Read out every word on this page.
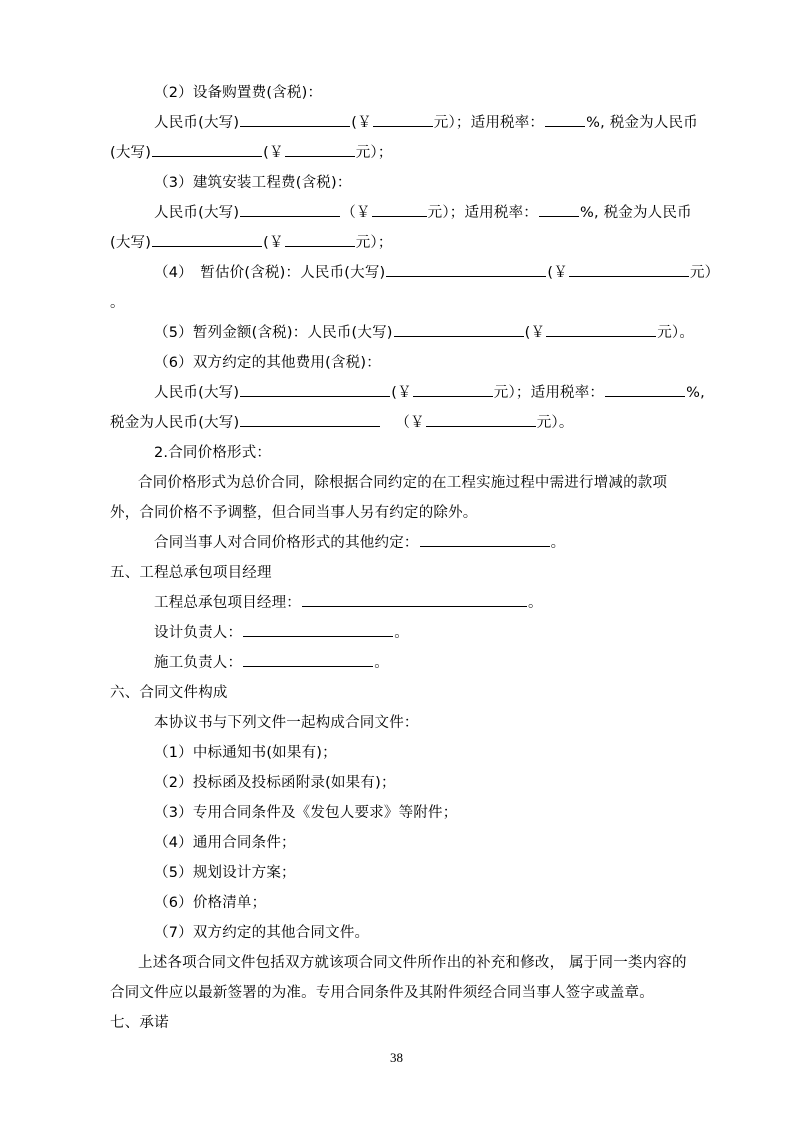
（2）设备购置费(含税)：
人民币(大写)	(￥	元）；适用税率：	%, 税金为人民币
(大写)	(￥	元）；
（3）建筑安装工程费(含税)：
人民币(大写)	（￥	元）；适用税率：	%, 税金为人民币
(大写)	(￥	元）；
（4）　暂估价(含税)：人民币(大写)	(￥	元）
。
（5）暂列金额(含税)：人民币(大写)	(￥	元）。
（6）双方约定的其他费用(含税)：
人民币(大写)	(￥	元）；适用税率：	%,
税金为人民币(大写)	（￥	元）。
2.合同价格形式：
合同价格形式为总价合同，除根据合同约定的在工程实施过程中需进行增减的款项外，合同价格不予调整，但合同当事人另有约定的除外。
合同当事人对合同价格形式的其他约定：	。
五、工程总承包项目经理
工程总承包项目经理：	。
设计负责人：	。
施工负责人：	。
六、合同文件构成
本协议书与下列文件一起构成合同文件：
（1）中标通知书(如果有)；
（2）投标函及投标函附录(如果有)；
（3）专用合同条件及《发包人要求》等附件；
（4）通用合同条件；
（5）规划设计方案；
（6）价格清单；
（7）双方约定的其他合同文件。
上述各项合同文件包括双方就该项合同文件所作出的补充和修改， 属于同一类内容的合同文件应以最新签署的为准。专用合同条件及其附件须经合同当事人签字或盖章。
七、承诺
38
